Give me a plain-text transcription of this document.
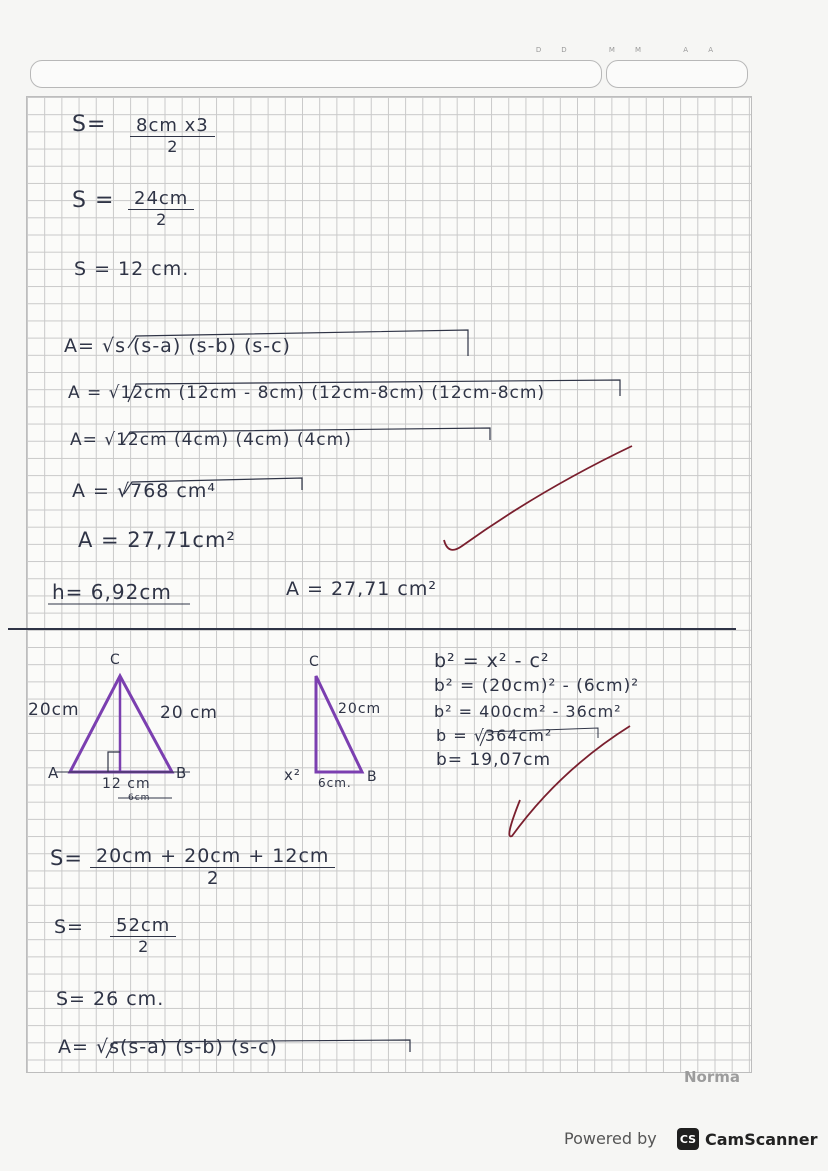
DD MM AA
$S= \frac{\text{8cm x3}}{2}$
$S = \frac{24cm}{2}$
S = 12 cm.
A= √s (s-a) (s-b) (s-c)
A = √12cm (12cm - 8cm) (12cm-8cm) (12cm-8cm)
A= √12cm (4cm) (4cm) (4cm)
A = √768 cm⁴
A = 27,71cm²
h= 6,92cm	A = 27,71 cm²
C
20cm	20 cm
A	B
12 cm
6cm
C
20cm
x² 6cm. B
b² = x² - c²
b² = (20cm)² - (6cm)²
b² = 400cm² - 36cm²
b = √364cm²
b= 19,07cm
$S= \frac{20cm + 20cm + 12cm}{2}$
$S= \frac{52cm}{2}$
S= 26 cm.
A= √s(s-a) (s-b) (s-c)
Norma
Powered by CS CamScanner
